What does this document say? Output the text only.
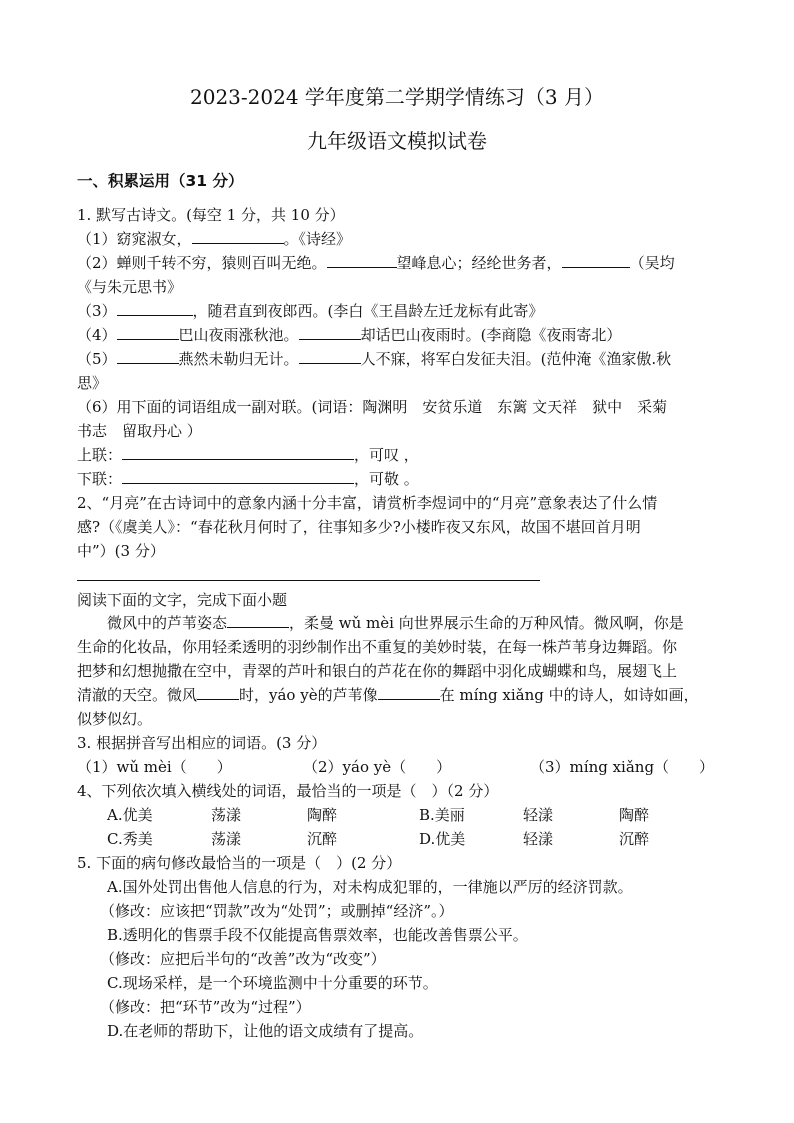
2023-2024 学年度第二学期学情练习（3 月）
九年级语文模拟试卷
一、积累运用（31 分）
1. 默写古诗文。(每空 1 分，共 10 分）
（1）窈窕淑女，	。《诗经》
（2）蝉则千转不穷，猿则百叫无绝。	望峰息心；经纶世务者，	（吴均
《与朱元思书》
（3）	，随君直到夜郎西。(李白《王昌龄左迁龙标有此寄》
（4）	巴山夜雨涨秋池。	却话巴山夜雨时。(李商隐《夜雨寄北）
（5）	燕然未勒归无计。	人不寐，将军白发征夫泪。(范仲淹《渔家傲.秋
思》
（6）用下面的词语组成一副对联。(词语：陶渊明　安贫乐道　东篱 文天祥　狱中　采菊
书志　留取丹心 ）
上联：	，可叹 ，
下联：	，可敬 。
2、“月亮”在古诗词中的意象内涵十分丰富，请赏析李煜词中的“月亮”意象表达了什么情
感?（《虞美人》：“春花秋月何时了，往事知多少?小楼昨夜又东风，故国不堪回首月明
中”）(3 分）
阅读下面的文字，完成下面小题
微风中的芦苇姿态	，柔曼 wǔ mèi 向世界展示生命的万种风情。微风啊，你是
生命的化妆品，你用轻柔透明的羽纱制作出不重复的美妙时装，在每一株芦苇身边舞蹈。你
把梦和幻想抛撒在空中，青翠的芦叶和银白的芦花在你的舞蹈中羽化成蝴蝶和鸟，展翅飞上
清澈的天空。微风	时，yáo yè的芦苇像	在 míng xiǎng 中的诗人，如诗如画，
似梦似幻。
3. 根据拼音写出相应的词语。(3 分）
（1）wǔ mèi（　　）	（2）yáo yè（　　）	（3）míng xiǎng（　　）
4、下列依次填入横线处的词语，最恰当的一项是（　）（2 分）
A.优美	荡漾	陶醉	B.美丽	轻漾	陶醉
C.秀美	荡漾	沉醉	D.优美	轻漾	沉醉
5. 下面的病句修改最恰当的一项是（　）(2 分）
A.国外处罚出售他人信息的行为，对未构成犯罪的，一律施以严厉的经济罚款。
（修改：应该把“罚款”改为“处罚”；或删掉“经济”。）
B.透明化的售票手段不仅能提高售票效率，也能改善售票公平。
（修改：应把后半句的“改善”改为“改变”）
C.现场采样，是一个环境监测中十分重要的环节。
（修改：把“环节”改为“过程”）
D.在老师的帮助下，让他的语文成绩有了提高。
